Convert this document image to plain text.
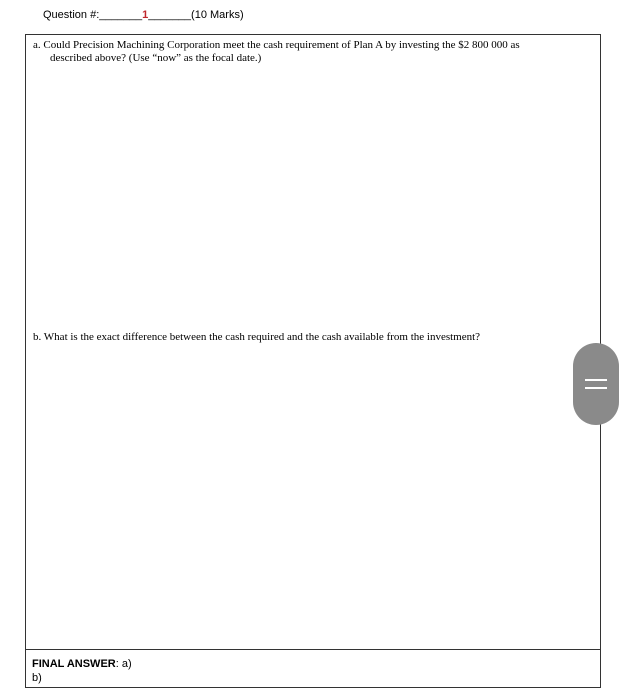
Question #:_______1_______(10 Marks)
a. Could Precision Machining Corporation meet the cash requirement of Plan A by investing the $2 800 000 as
described above? (Use “now” as the focal date.)
b. What is the exact difference between the cash required and the cash available from the investment?
FINAL ANSWER: a)
b)
